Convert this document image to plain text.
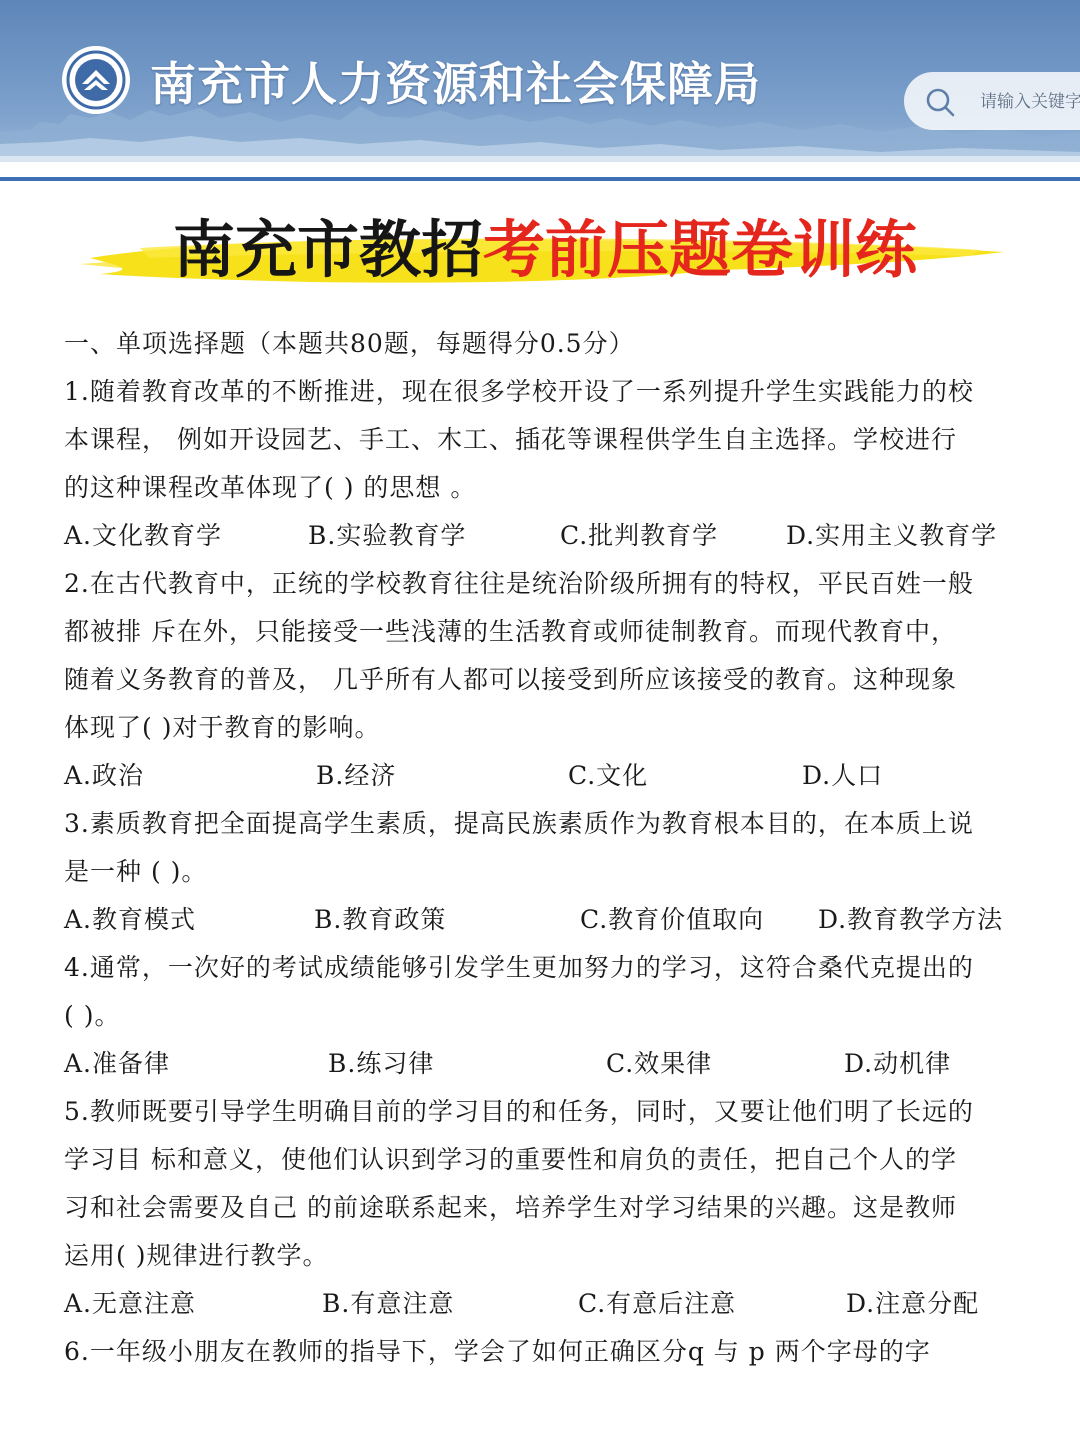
南充市人力资源和社会保障局
请输入关键字
南充市教招考前压题卷训练

一、单项选择题（本题共80题，每题得分0.5分）

1.随着教育改革的不断推进，现在很多学校开设了一系列提升学生实践能力的校

本课程， 例如开设园艺、手工、木工、插花等课程供学生自主选择。学校进行

的这种课程改革体现了( ) 的思想 。

A.文化教育学	B.实验教育学	C.批判教育学	D.实用主义教育学

2.在古代教育中，正统的学校教育往往是统治阶级所拥有的特权，平民百姓一般

都被排 斥在外，只能接受一些浅薄的生活教育或师徒制教育。而现代教育中，

随着义务教育的普及， 几乎所有人都可以接受到所应该接受的教育。这种现象

体现了( )对于教育的影响。

A.政治	B.经济	C.文化	D.人口

3.素质教育把全面提高学生素质，提高民族素质作为教育根本目的，在本质上说

是一种 ( )。

A.教育模式	B.教育政策	C.教育价值取向	D.教育教学方法

4.通常，一次好的考试成绩能够引发学生更加努力的学习，这符合桑代克提出的

( )。

A.准备律	B.练习律	C.效果律	D.动机律

5.教师既要引导学生明确目前的学习目的和任务，同时，又要让他们明了长远的

学习目 标和意义，使他们认识到学习的重要性和肩负的责任，把自己个人的学

习和社会需要及自己 的前途联系起来，培养学生对学习结果的兴趣。这是教师

运用( )规律进行教学。

A.无意注意	B.有意注意	C.有意后注意	D.注意分配

6.一年级小朋友在教师的指导下，学会了如何正确区分q 与 p 两个字母的字
